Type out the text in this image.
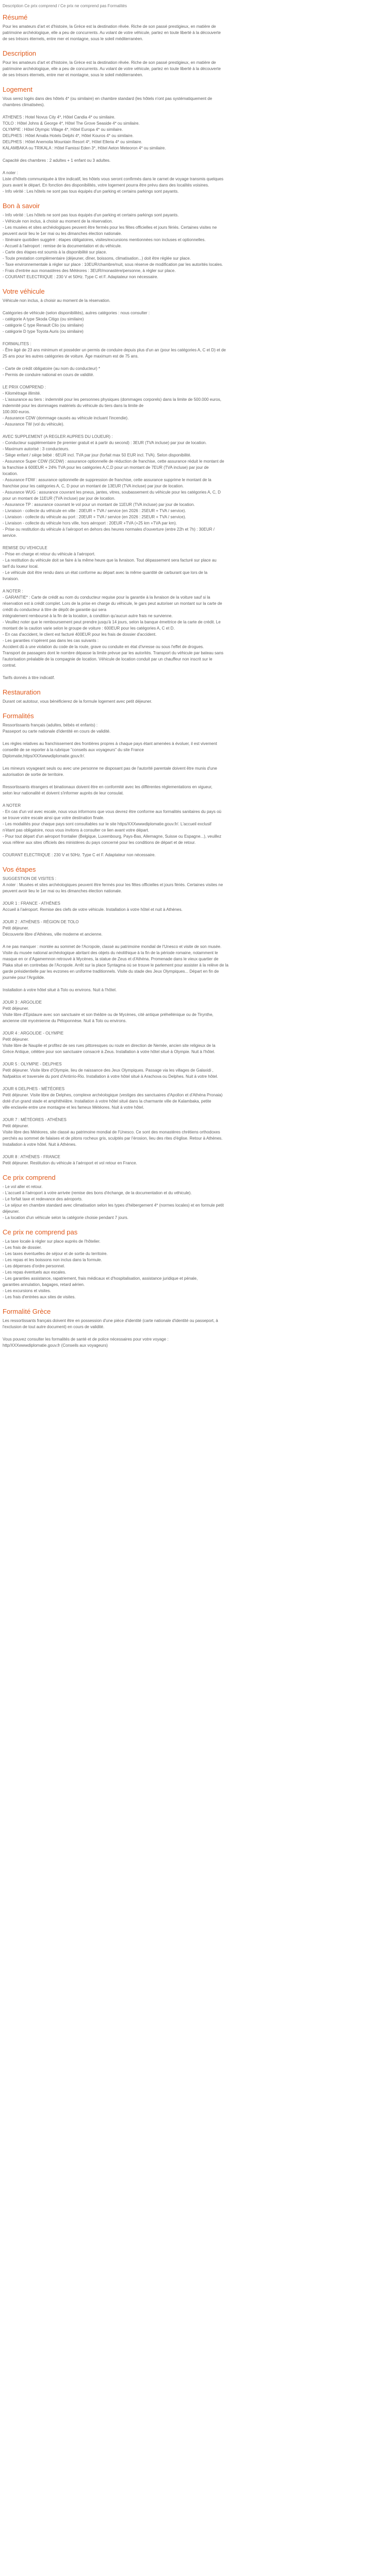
Description Ce prix comprend / Ce prix ne comprend pas Formalités
Résumé
Pour les amateurs d'art et d'histoire, la Grèce est la destination rêvée. Riche de son passé prestigieux, en matière de
patrimoine archéologique, elle a peu de concurrents. Au volant de votre véhicule, partez en toute liberté à la découverte
de ses trésors éternels, entre mer et montagne, sous le soleil méditerranéen.
Description
Pour les amateurs d'art et d'histoire, la Grèce est la destination rêvée. Riche de son passé prestigieux, en matière de
patrimoine archéologique, elle a peu de concurrents. Au volant de votre véhicule, partez en toute liberté à la découverte
de ses trésors éternels, entre mer et montagne, sous le soleil méditerranéen.
Logement
Vous serez logés dans des hôtels 4* (ou similaire) en chambre standard (les hôtels n'ont pas systématiquement de
chambres climatisées).
ATHENES : Hotel Novus City 4*, Hôtel Candia 4* ou similaire.
TOLO : Hôtel Johns & George 4*, Hôtel The Grove Seaside 4* ou similaire.
OLYMPIE : Hôtel Olympic Village 4*, Hôtel Europa 4* ou similaire.
DELPHES : Hôtel Amalia Hotels Delphi 4*, Hôtel Kouros 4* ou similaire.
DELPHES : Hôtel Anemolia Mountain Resort 4*, Hôtel Elleria 4* ou similaire.
KALAMBAKA ou TRIKALA : Hôtel Famissi Eden 3*, Hôtel Aeton Meteoron 4* ou similaire.
Capacité des chambres : 2 adultes + 1 enfant ou 3 adultes.
A noter :
Liste d'hôtels communiquée à titre indicatif, les hôtels vous seront confirmés dans le carnet de voyage transmis quelques
jours avant le départ. En fonction des disponibilités, votre logement pourra être prévu dans des localités voisines.
- Info vérité : Les hôtels ne sont pas tous équipés d'un parking et certains parkings sont payants.
Bon à savoir
- Info vérité : Les hôtels ne sont pas tous équipés d'un parking et certains parkings sont payants.
- Véhicule non inclus, à choisir au moment de la réservation.
- Les musées et sites archéologiques peuvent être fermés pour les fêtes officielles et jours fériés. Certaines visites ne
peuvent avoir lieu le 1er mai ou les dimanches élection nationale.
- Itinéraire quotidien suggéré : étapes obligatoires, visites/excursions mentionnées non incluses et optionnelles.
- Accueil à l'aéroport : remise de la documentation et du véhicule.
- Carte des étapes est soumis à la disponibilité sur place.
- Toute prestation complémentaire (déjeuner, dîner, boissons, climatisation...) doit être réglée sur place.
- Taxe environnementale à régler sur place : 10EUR/chambre/nuit, sous réserve de modification par les autorités locales.
- Frais d'entrée aux monastères des Météores : 3EUR/monastère/personne, à régler sur place.
- COURANT ELECTRIQUE : 230 V et 50Hz. Type C et F. Adaptateur non nécessaire.
Votre véhicule
Véhicule non inclus, à choisir au moment de la réservation.
Catégories de véhicule (selon disponibilités), autres catégories : nous consulter :
- catégorie A type Skoda Citigo (ou similaire)
- catégorie C type Renault Clio (ou similaire)
- catégorie D type Toyota Auris (ou similaire)
FORMALITES :
- Être âgé de 23 ans minimum et posséder un permis de conduire depuis plus d'un an (pour les catégories A, C et D) et de
25 ans pour les autres catégories de voiture. Âge maximum est de 75 ans.
- Carte de crédit obligatoire (au nom du conducteur) *
- Permis de conduire national en cours de validité.
LE PRIX COMPREND :
- Kilométrage illimité.
- L'assurance au tiers : indemnité pour les personnes physiques (dommages corporels) dans la limite de 500.000 euros,
indemnité pour les dommages matériels du véhicule du tiers dans la limite de
100.000 euros.
- Assurance CDW (dommage causés au véhicule incluant l'incendie).
- Assurance TW (vol du véhicule).
AVEC SUPPLEMENT (A REGLER AUPRES DU LOUEUR) :
- Conducteur supplémentaire (le premier gratuit et à partir du second) : 3EUR (TVA incluse) par jour de location.
- Maximum autorisé : 3 conducteurs.
- Siège enfant / siège bébé : 6EUR incl. TVA par jour (forfait max 50 EUR incl. TVA). Selon disponibilité.
- Assurance Super CDW (SCDW) : assurance optionnelle de réduction de franchise, cette assurance réduit le montant de
la franchise à 600EUR + 24% TVA pour les catégories A,C,D pour un montant de 7EUR (TVA incluse) par jour de
location.
- Assurance FDW : assurance optionnelle de suppression de franchise, cette assurance supprime le montant de la
franchise pour les catégories A, C, D pour un montant de 13EUR (TVA incluse) par jour de location.
- Assurance WUG : assurance couvrant les pneus, jantes, vitres, soubassement du véhicule pour les catégories A, C, D
pour un montant de 11EUR (TVA incluse) par jour de location.
- Assurance TP : assurance couvrant le vol pour un montant de 11EUR (TVA incluse) par jour de location.
- Livraison - collecte du véhicule en ville : 20EUR + TVA / service (en 2026 : 25EUR + TVA / service).
- Livraison - collecte du véhicule au port : 20EUR + TVA / service (en 2026 : 25EUR + TVA / service).
- Livraison - collecte du véhicule hors ville, hors aéroport : 20EUR +TVA (+25 km +TVA par km).
- Prise ou restitution du véhicule à l'aéroport en dehors des heures normales d'ouverture (entre 22h et 7h) : 30EUR /
service.
REMISE DU VEHICULE
- Prise en charge et retour du véhicule à l'aéroport.
- La restitution du véhicule doit se faire à la même heure que la livraison. Tout dépassement sera facturé sur place au
tarif du loueur local.
- Le véhicule doit être rendu dans un état conforme au départ avec la même quantité de carburant que lors de la
livraison.
A NOTER :
- GARANTIE* : Carte de crédit au nom du conducteur requise pour la garantie à la livraison de la voiture sauf si la
réservation est à crédit complet. Lors de la prise en charge du véhicule, le gars peut autoriser un montant sur la carte de
crédit du conducteur à titre de dépôt de garantie qui sera
intégralement remboursé à la fin de la location, à condition qu'aucun autre frais ne survienne.
- Veuillez noter que le remboursement peut prendre jusqu'à 14 jours, selon la banque émettrice de la carte de crédit. Le
montant de la caution varie selon le groupe de voiture : 600EUR pour les catégories A, C et D.
- En cas d'accident, le client est facturé 400EUR pour les frais de dossier d'accident.
- Les garanties n'opèrent pas dans les cas suivants :
Accident dû à une violation du code de la route, grave ou conduite en état d'ivresse ou sous l'effet de drogues.
Transport de passagers dont le nombre dépasse la limite prévue par les autorités. Transport du véhicule par bateau sans
l'autorisation préalable de la compagnie de location. Véhicule de location conduit par un chauffeur non inscrit sur le
contrat.
Tarifs donnés à titre indicatif.
Restauration
Durant cet autotour, vous bénéficierez de la formule logement avec petit déjeuner.
Formalités
Ressortissants français (adultes, bébés et enfants) :
Passeport ou carte nationale d'identité en cours de validité.
Les règles relatives au franchissement des frontières propres à chaque pays étant amenées à évoluer, il est vivement
conseillé de se reporter à la rubrique "conseils aux voyageurs" du site France
Diplomatie,https/XXXwwwdiplomatie.gouv.fr/.
Les mineurs voyageant seuls ou avec une personne ne disposant pas de l'autorité parentale doivent être munis d'une
autorisation de sortie de territoire.
Ressortissants étrangers et binationaux doivent être en conformité avec les différentes réglementations en vigueur,
selon leur nationalité et doivent s'informer auprès de leur consulat.
A NOTER
- En cas d'un vol avec escale, nous vous informons que vous devrez être conforme aux formalités sanitaires du pays où
se trouve votre escale ainsi que votre destination finale.
- Les modalités pour chaque pays sont consultables sur le site https/XXXwwwdiplomatie.gouv.fr/. L'accueil exclusif
n'étant pas obligatoire, nous vous invitons à consulter ce lien avant votre départ.
- Pour tout départ d'un aéroport frontalier (Belgique, Luxembourg, Pays-Bas, Allemagne, Suisse ou Espagne...), veuillez
vous référer aux sites officiels des ministères du pays concerné pour les conditions de départ et de retour.
COURANT ELECTRIQUE : 230 V et 50Hz. Type C et F. Adaptateur non nécessaire.
Vos étapes
SUGGESTION DE VISITES :
A noter : Musées et sites archéologiques peuvent être fermés pour les fêtes officielles et jours fériés. Certaines visites ne
peuvent avoir lieu le 1er mai ou les dimanches élection nationale.
JOUR 1 : FRANCE - ATHÈNES
Accueil à l'aéroport. Remise des clefs de votre véhicule. Installation à votre hôtel et nuit à Athènes.
JOUR 2 : ATHÈNES - RÉGION DE TOLO
Petit déjeuner.
Découverte libre d'Athènes, ville moderne et ancienne.
A ne pas manquer : montée au sommet de l'Acropole, classé au patrimoine mondial de l'Unesco et visite de son musée.
Visite du musée national archéologique abritant des objets du néolithique à la fin de la période romaine, notamment le
masque en or d'Agamemnon retrouvé à Mycènes, la statue de Zeus et d'Athéna. Promenade dans le vieux quartier de
Plaka situé en contrebas de l'Acropole. Arrêt sur la place Syntagma où se trouve le parlement pour assister à la relève de la
garde présidentielle par les evzones en uniforme traditionnels. Visite du stade des Jeux Olympiques... Départ en fin de
journée pour l'Argolide.
Installation à votre hôtel situé à Tolo ou environs. Nuit à l'hôtel.
JOUR 3 : ARGOLIDE
Petit déjeuner.
Visite libre d'Epidaure avec son sanctuaire et son théâtre ou de Mycènes, cité antique préhellénique ou de Tirynthe,
ancienne cité mycénienne du Péloponnèse. Nuit à Tolo ou environs.
JOUR 4 : ARGOLIDE - OLYMPIE
Petit déjeuner.
Visite libre de Nauplie et profitez de ses rues pittoresques ou route en direction de Nemée, ancien site religieux de la
Grèce Antique, célèbre pour son sanctuaire consacré à Zeus. Installation à votre hôtel situé à Olympie. Nuit à l'hôtel.
JOUR 5 : OLYMPIE - DELPHES
Petit déjeuner. Visite libre d'Olympie, lieu de naissance des Jeux Olympiques. Passage via les villages de Galaxidi ,
Nafpaktos et traversée du pont d'Antirrio-Rio. Installation à votre hôtel situé à Arachova ou Delphes. Nuit à votre hôtel.
JOUR 6 DELPHES - MÉTÉORES
Petit déjeuner. Visite libre de Delphes, complexe archéologique (vestiges des sanctuaires d'Apollon et d'Athéna Pronaia)
doté d'un grand stade et amphithéâtre. Installation à votre hôtel situé dans la charmante ville de Kalambaka, petite
ville enclavée entre une montagne et les fameux Météores. Nuit à votre hôtel.
JOUR 7 : MÉTÉORES - ATHÈNES
Petit déjeuner.
Visite libre des Météores, site classé au patrimoine mondial de l'Unesco. Ce sont des monastères chrétiens orthodoxes
perchés au sommet de falaises et de pitons rocheux gris, sculptés par l'érosion, lieu des rites d'église. Retour à Athènes.
Installation à votre hôtel. Nuit à Athènes.
JOUR 8 : ATHÈNES - FRANCE
Petit déjeuner. Restitution du véhicule à l'aéroport et vol retour en France.
Ce prix comprend
- Le vol aller et retour.
- L'accueil à l'aéroport à votre arrivée (remise des bons d'échange, de la documentation et du véhicule).
- Le forfait taxe et redevance des aéroports.
- Le séjour en chambre standard avec climatisation selon les types d'hébergement 4* (normes locales) et en formule petit
déjeuner.
- La location d'un véhicule selon la catégorie choisie pendant 7 jours.
Ce prix ne comprend pas
- La taxe locale à régler sur place auprès de l'hôtelier.
- Les frais de dossier.
- Les taxes éventuelles de séjour et de sortie du territoire.
- Les repas et les boissons non inclus dans la formule.
- Les dépenses d'ordre personnel.
- Les repas éventuels aux escales.
- Les garanties assistance, rapatriement, frais médicaux et d'hospitalisation, assistance juridique et pénale,
garanties annulation, bagages, retard aérien.
- Les excursions et visites.
- Les frais d'entrées aux sites de visites.
Formalité Grèce
Les ressortissants français doivent être en possession d'une pièce d'identité (carte nationale d'identité ou passeport, à
l'exclusion de tout autre document) en cours de validité.
Vous pouvez consulter les formalités de santé et de police nécessaires pour votre voyage :
http/XXXwwwdiplomatie.gouv.fr (Conseils aux voyageurs)
